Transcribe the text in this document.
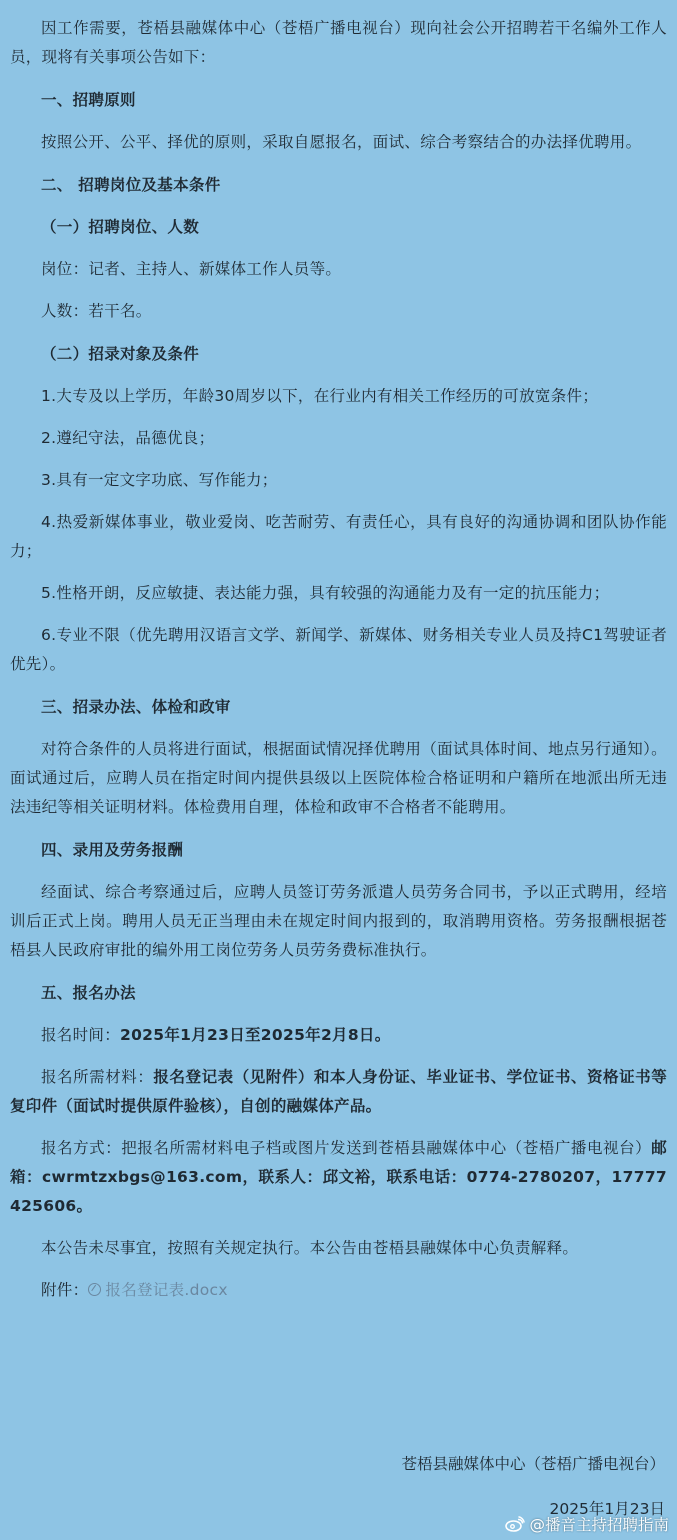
因工作需要，苍梧县融媒体中心（苍梧广播电视台）现向社会公开招聘若干名编外工作人员，现将有关事项公告如下：

一、招聘原则

按照公开、公平、择优的原则，采取自愿报名，面试、综合考察结合的办法择优聘用。

二、 招聘岗位及基本条件

（一）招聘岗位、人数

岗位：记者、主持人、新媒体工作人员等。

人数：若干名。

（二）招录对象及条件

1.大专及以上学历，年龄30周岁以下，在行业内有相关工作经历的可放宽条件；

2.遵纪守法，品德优良；

3.具有一定文字功底、写作能力；

4.热爱新媒体事业，敬业爱岗、吃苦耐劳、有责任心，具有良好的沟通协调和团队协作能力；

5.性格开朗，反应敏捷、表达能力强，具有较强的沟通能力及有一定的抗压能力；

6.专业不限（优先聘用汉语言文学、新闻学、新媒体、财务相关专业人员及持C1驾驶证者优先）。

三、招录办法、体检和政审

对符合条件的人员将进行面试，根据面试情况择优聘用（面试具体时间、地点另行通知）。面试通过后，应聘人员在指定时间内提供县级以上医院体检合格证明和户籍所在地派出所无违法违纪等相关证明材料。体检费用自理，体检和政审不合格者不能聘用。

四、录用及劳务报酬

经面试、综合考察通过后，应聘人员签订劳务派遣人员劳务合同书，予以正式聘用，经培训后正式上岗。聘用人员无正当理由未在规定时间内报到的，取消聘用资格。劳务报酬根据苍梧县人民政府审批的编外用工岗位劳务人员劳务费标准执行。

五、报名办法

报名时间：2025年1月23日至2025年2月8日。

报名所需材料：报名登记表（见附件）和本人身份证、毕业证书、学位证书、资格证书等复印件（面试时提供原件验核），自创的融媒体产品。

报名方式：把报名所需材料电子档或图片发送到苍梧县融媒体中心（苍梧广播电视台）邮箱：cwrmtzxbgs@163.com，联系人：邱文裕，联系电话：0774-2780207，17777425606。

本公告未尽事宜，按照有关规定执行。本公告由苍梧县融媒体中心负责解释。

附件： 报名登记表.docx

苍梧县融媒体中心（苍梧广播电视台）
2025年1月23日
@播音主持招聘指南
